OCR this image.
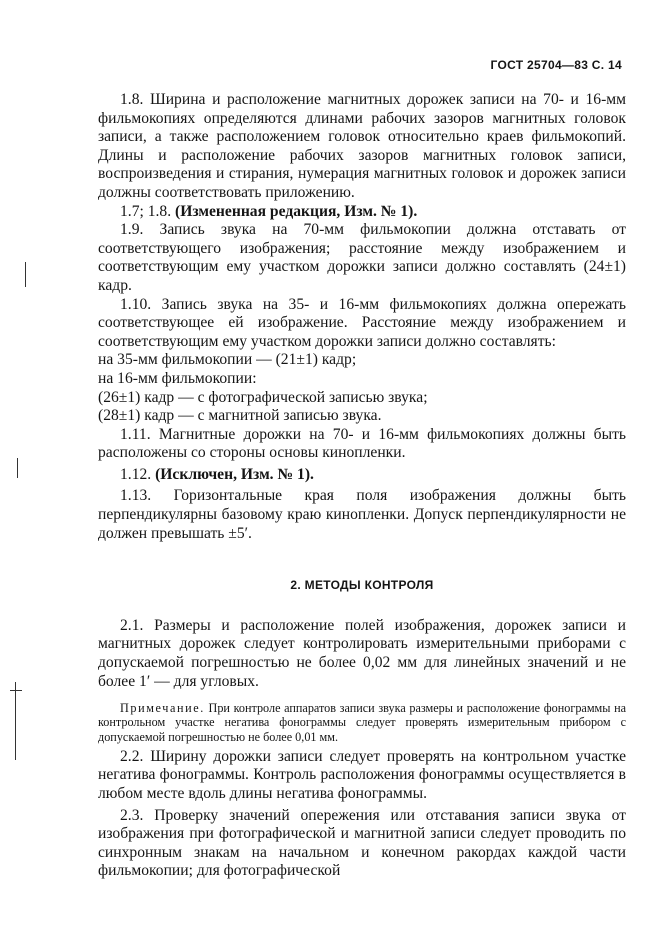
ГОСТ 25704—83 С. 14

1.8. Ширина и расположение магнитных дорожек записи на 70- и 16-мм фильмокопиях определяются длинами рабочих зазоров магнитных головок записи, а также расположением головок относительно краев фильмокопий. Длины и расположение рабочих зазоров магнитных головок записи, воспроизведения и стирания, нумерация магнитных головок и дорожек записи должны соответствовать приложению.

1.7; 1.8. (Измененная редакция, Изм. № 1).

1.9. Запись звука на 70-мм фильмокопии должна отставать от соответствующего изображения; расстояние между изображением и соответствующим ему участком дорожки записи должно составлять (24±1) кадр.

1.10. Запись звука на 35- и 16-мм фильмокопиях должна опережать соответствующее ей изображение. Расстояние между изображением и соответствующим ему участком дорожки записи должно составлять:

на 35-мм фильмокопии — (21±1) кадр;

на 16-мм фильмокопии:

(26±1) кадр — с фотографической записью звука;

(28±1) кадр — с магнитной записью звука.

1.11. Магнитные дорожки на 70- и 16-мм фильмокопиях должны быть расположены со стороны основы кинопленки.

1.12. (Исключен, Изм. № 1).

1.13. Горизонтальные края поля изображения должны быть перпендикулярны базовому краю кинопленки. Допуск перпендикулярности не должен превышать ±5′.

2. МЕТОДЫ КОНТРОЛЯ

2.1. Размеры и расположение полей изображения, дорожек записи и магнитных дорожек следует контролировать измерительными приборами с допускаемой погрешностью не более 0,02 мм для линейных значений и не более 1′ — для угловых.

Примечание. При контроле аппаратов записи звука размеры и расположение фонограммы на контрольном участке негатива фонограммы следует проверять измерительным прибором с допускаемой погрешностью не более 0,01 мм.

2.2. Ширину дорожки записи следует проверять на контрольном участке негатива фонограммы. Контроль расположения фонограммы осуществляется в любом месте вдоль длины негатива фонограммы.

2.3. Проверку значений опережения или отставания записи звука от изображения при фотографической и магнитной записи следует проводить по синхронным знакам на начальном и конечном ракордах каждой части фильмокопии; для фотографической
